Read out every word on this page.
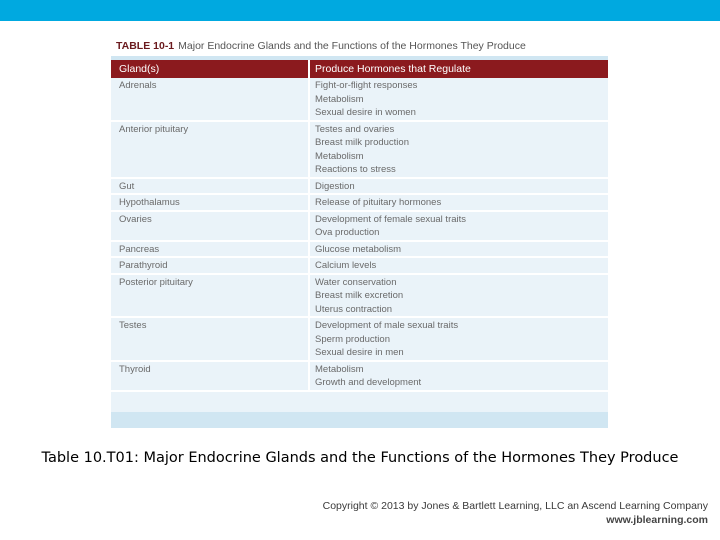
TABLE 10-1 Major Endocrine Glands and the Functions of the Hormones They Produce
Gland(s)	Produce Hormones that Regulate
Adrenals	Fight-or-flight responses
Metabolism
Sexual desire in women
Anterior pituitary	Testes and ovaries
Breast milk production
Metabolism
Reactions to stress
Gut	Digestion
Hypothalamus	Release of pituitary hormones
Ovaries	Development of female sexual traits
Ova production
Pancreas	Glucose metabolism
Parathyroid	Calcium levels
Posterior pituitary	Water conservation
Breast milk excretion
Uterus contraction
Testes	Development of male sexual traits
Sperm production
Sexual desire in men
Thyroid	Metabolism
Growth and development
Table 10.T01: Major Endocrine Glands and the Functions of the Hormones They Produce
Copyright © 2013 by Jones & Bartlett Learning, LLC an Ascend Learning Company
www.jblearning.com
